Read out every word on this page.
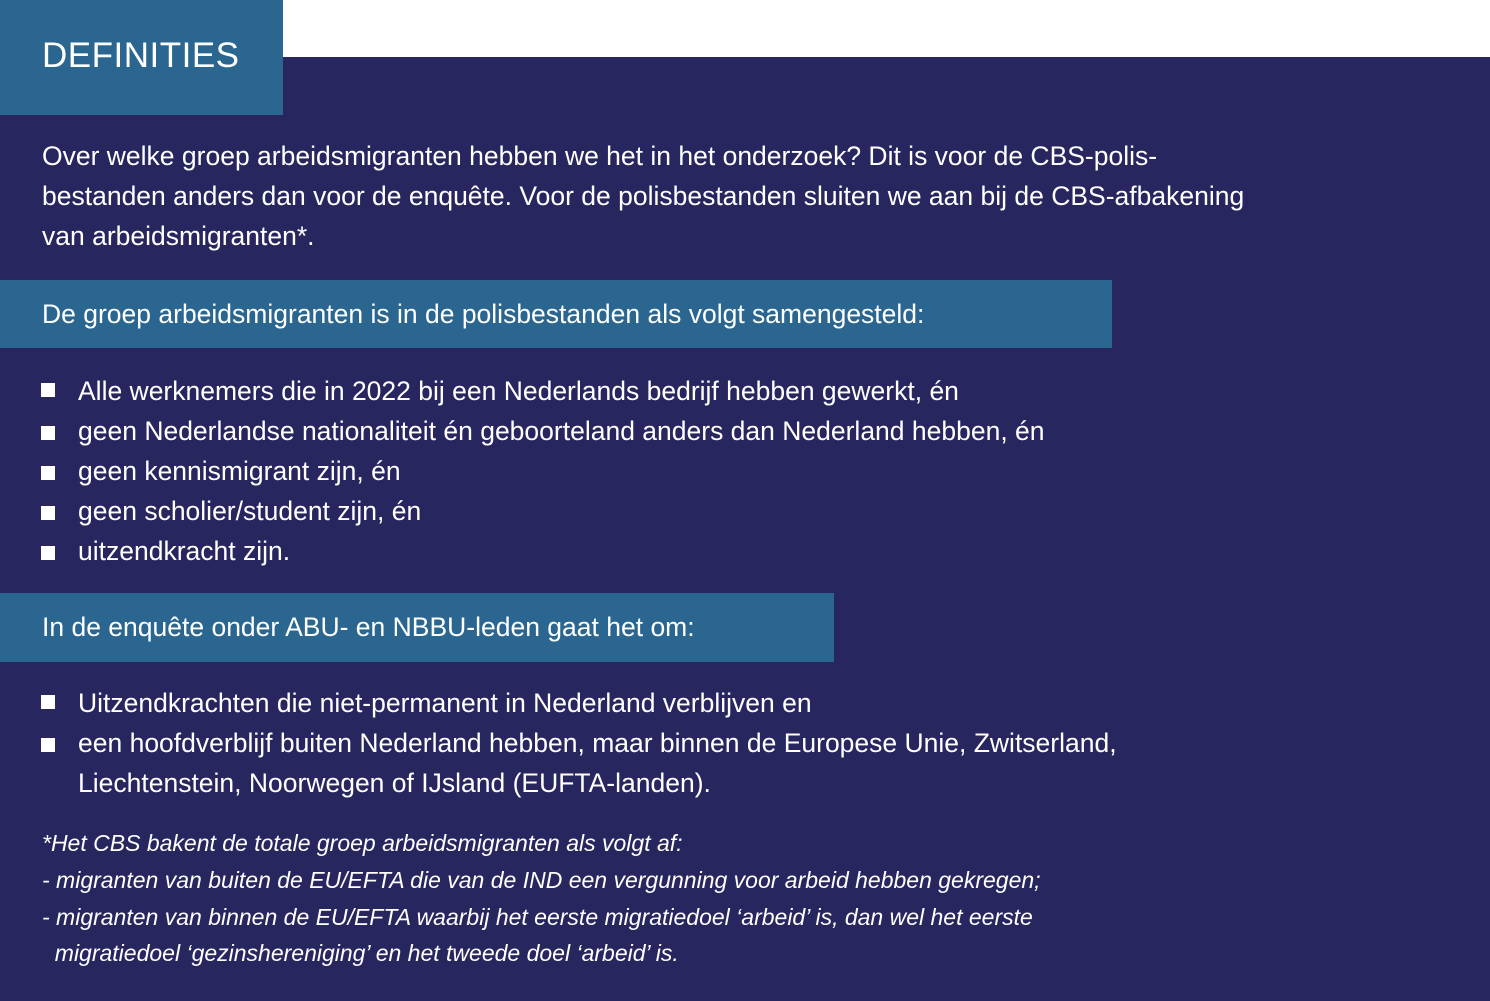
DEFINITIES
Over welke groep arbeidsmigranten hebben we het in het onderzoek? Dit is voor de CBS-polis-
bestanden anders dan voor de enquête. Voor de polisbestanden sluiten we aan bij de CBS-afbakening
van arbeidsmigranten*.
De groep arbeidsmigranten is in de polisbestanden als volgt samengesteld:
Alle werknemers die in 2022 bij een Nederlands bedrijf hebben gewerkt, én
geen Nederlandse nationaliteit én geboorteland anders dan Nederland hebben, én
geen kennismigrant zijn, én
geen scholier/student zijn, én
uitzendkracht zijn.
In de enquête onder ABU- en NBBU-leden gaat het om:
Uitzendkrachten die niet-permanent in Nederland verblijven en
een hoofdverblijf buiten Nederland hebben, maar binnen de Europese Unie, Zwitserland,
Liechtenstein, Noorwegen of IJsland (EUFTA-landen).
*Het CBS bakent de totale groep arbeidsmigranten als volgt af:
- migranten van buiten de EU/EFTA die van de IND een vergunning voor arbeid hebben gekregen;
- migranten van binnen de EU/EFTA waarbij het eerste migratiedoel ‘arbeid’ is, dan wel het eerste
migratiedoel ‘gezinshereniging’ en het tweede doel ‘arbeid’ is.
